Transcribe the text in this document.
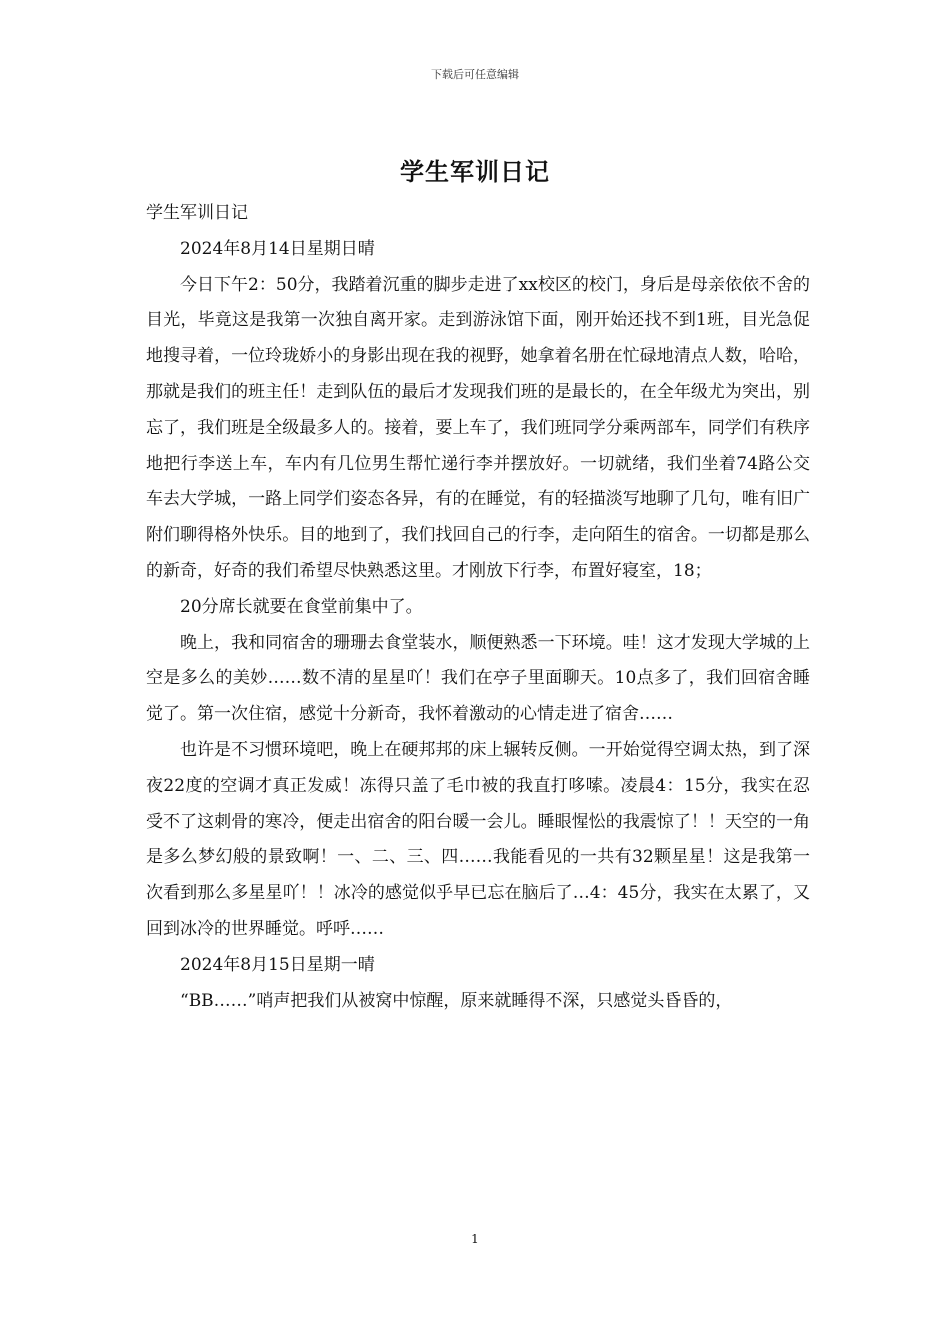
下载后可任意编辑
学生军训日记

学生军训日记

2024年8月14日星期日晴

今日下午2：50分，我踏着沉重的脚步走进了xx校区的校门，身后是母亲依依不舍的目光，毕竟这是我第一次独自离开家。走到游泳馆下面，刚开始还找不到1班，目光急促地搜寻着，一位玲珑娇小的身影出现在我的视野，她拿着名册在忙碌地清点人数，哈哈，那就是我们的班主任！走到队伍的最后才发现我们班的是最长的，在全年级尤为突出，别忘了，我们班是全级最多人的。接着，要上车了，我们班同学分乘两部车，同学们有秩序地把行李送上车，车内有几位男生帮忙递行李并摆放好。一切就绪，我们坐着74路公交车去大学城，一路上同学们姿态各异，有的在睡觉，有的轻描淡写地聊了几句，唯有旧广附们聊得格外快乐。目的地到了，我们找回自己的行李，走向陌生的宿舍。一切都是那么的新奇，好奇的我们希望尽快熟悉这里。才刚放下行李，布置好寝室，18；

20分席长就要在食堂前集中了。

晚上，我和同宿舍的珊珊去食堂装水，顺便熟悉一下环境。哇！这才发现大学城的上空是多么的美妙……数不清的星星吖！我们在亭子里面聊天。10点多了，我们回宿舍睡觉了。第一次住宿，感觉十分新奇，我怀着激动的心情走进了宿舍……

也许是不习惯环境吧，晚上在硬邦邦的床上辗转反侧。一开始觉得空调太热，到了深夜22度的空调才真正发威！冻得只盖了毛巾被的我直打哆嗦。凌晨4：15分，我实在忍受不了这刺骨的寒冷，便走出宿舍的阳台暖一会儿。睡眼惺忪的我震惊了！！天空的一角是多么梦幻般的景致啊！一、二、三、四……我能看见的一共有32颗星星！这是我第一次看到那么多星星吖！！冰冷的感觉似乎早已忘在脑后了…4：45分，我实在太累了，又回到冰冷的世界睡觉。呼呼……

2024年8月15日星期一晴

“BB……”哨声把我们从被窝中惊醒，原来就睡得不深，只感觉头昏昏的，

1
